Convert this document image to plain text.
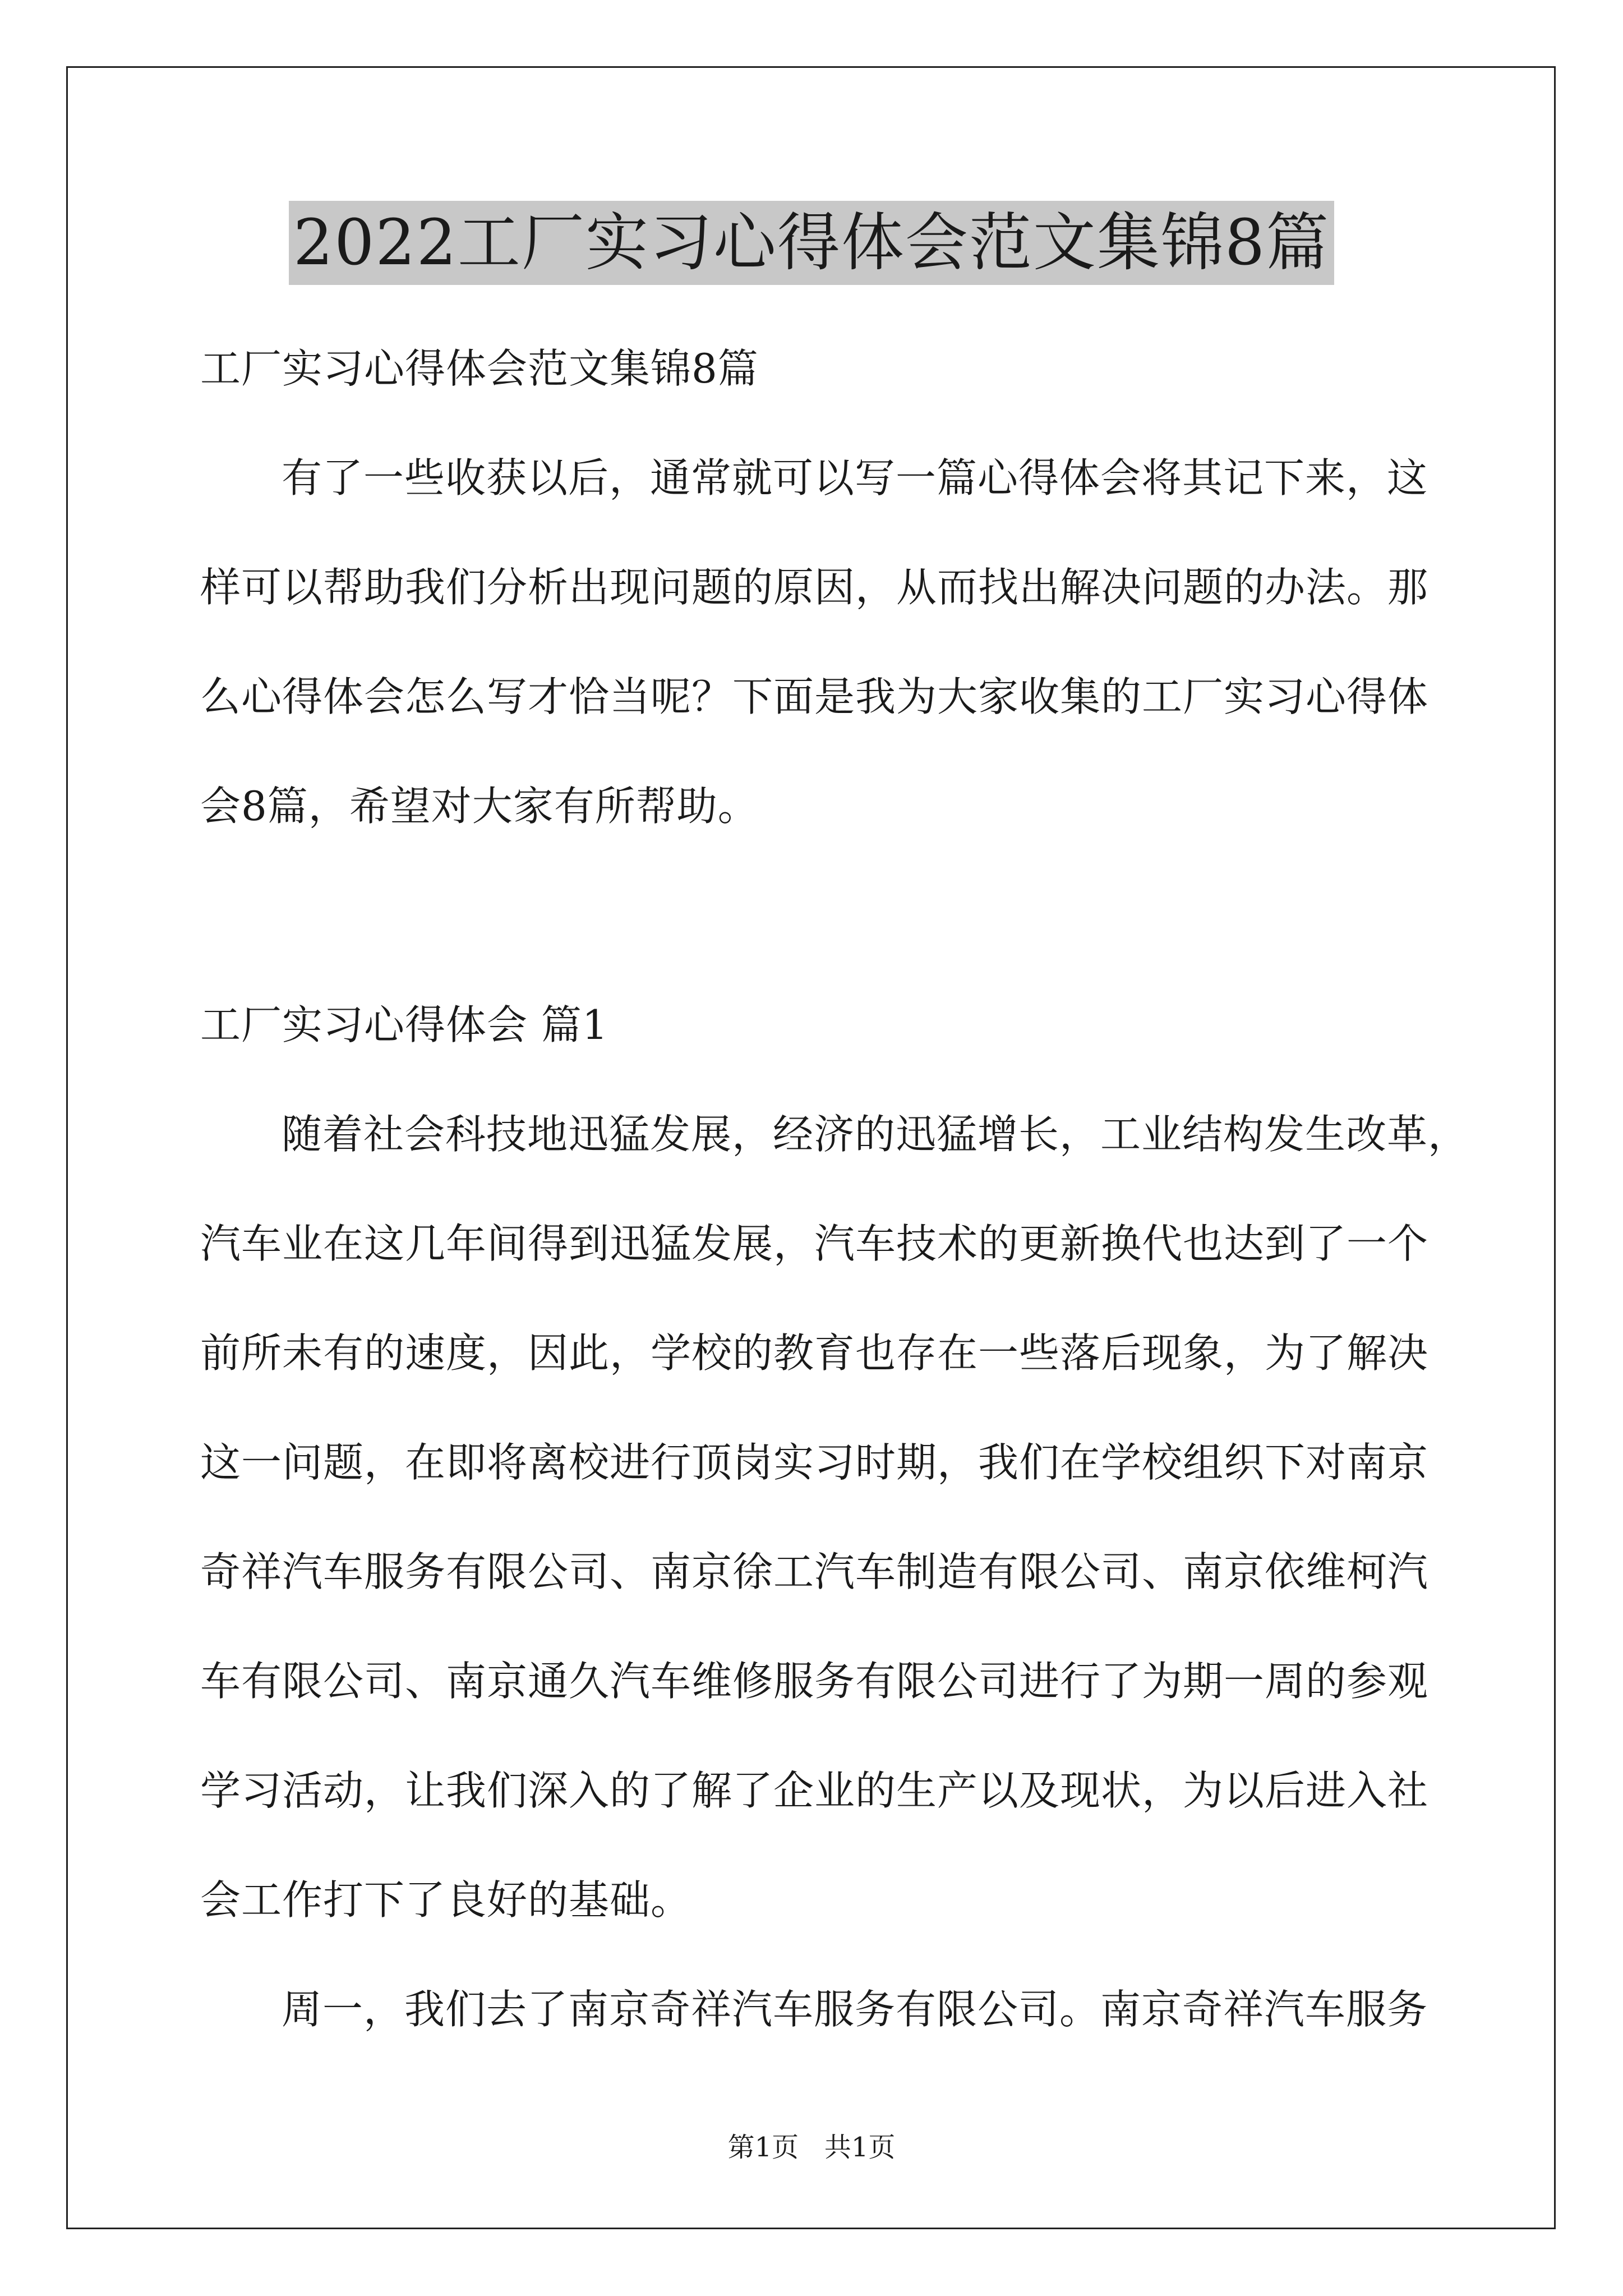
2022工厂实习心得体会范文集锦8篇
工厂实习心得体会范文集锦8篇
有了一些收获以后，通常就可以写一篇心得体会将其记下来，这
样可以帮助我们分析出现问题的原因，从而找出解决问题的办法。那
么心得体会怎么写才恰当呢？下面是我为大家收集的工厂实习心得体
会8篇，希望对大家有所帮助。
工厂实习心得体会 篇1
随着社会科技地迅猛发展，经济的迅猛增长，工业结构发生改革，
汽车业在这几年间得到迅猛发展，汽车技术的更新换代也达到了一个
前所未有的速度，因此，学校的教育也存在一些落后现象，为了解决
这一问题，在即将离校进行顶岗实习时期，我们在学校组织下对南京
奇祥汽车服务有限公司、南京徐工汽车制造有限公司、南京依维柯汽
车有限公司、南京通久汽车维修服务有限公司进行了为期一周的参观
学习活动，让我们深入的了解了企业的生产以及现状，为以后进入社
会工作打下了良好的基础。
周一，我们去了南京奇祥汽车服务有限公司。南京奇祥汽车服务
第1页   共1页
